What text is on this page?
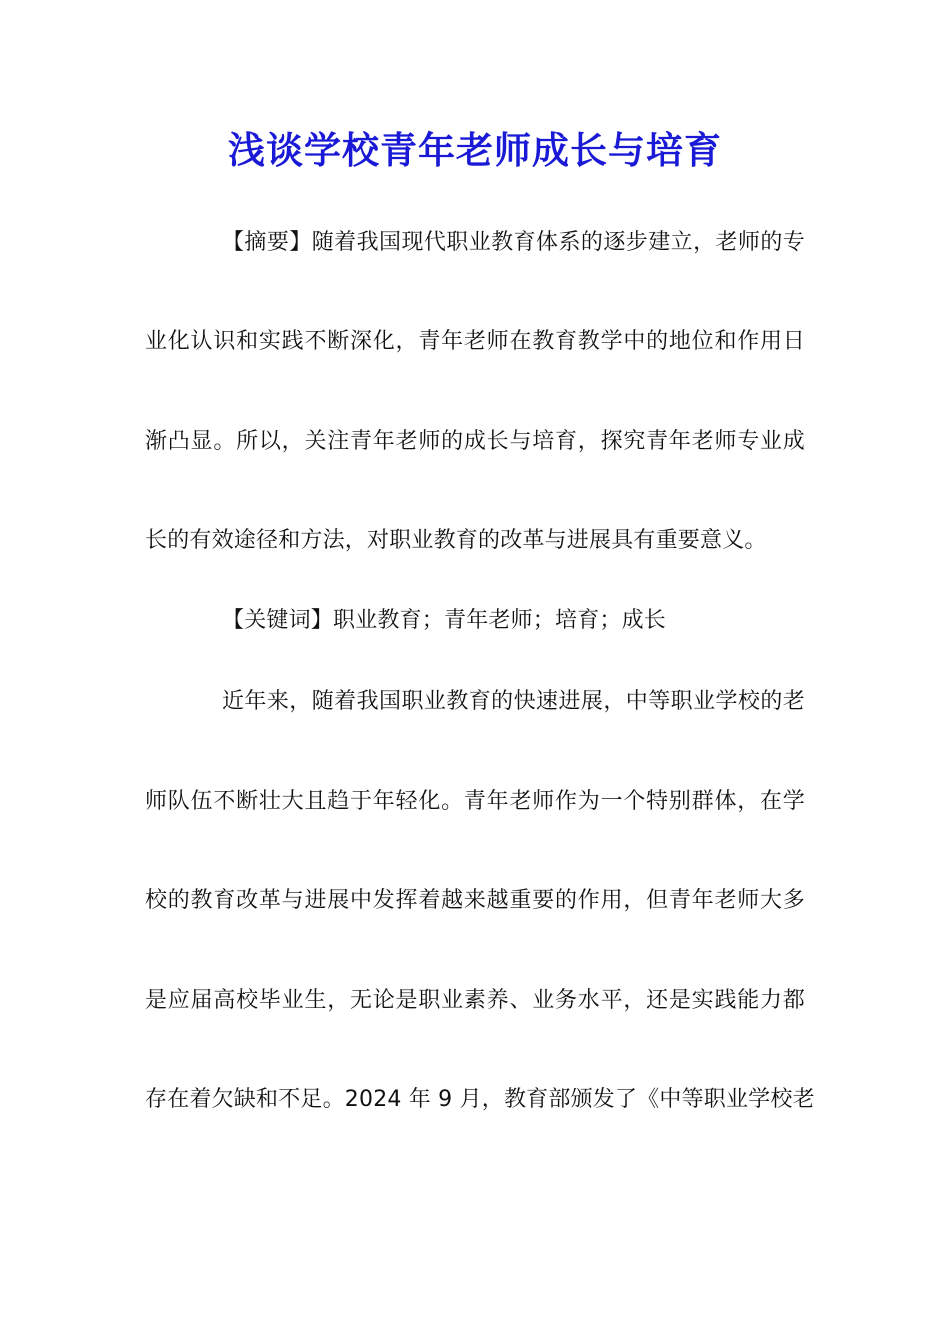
浅谈学校青年老师成长与培育
【摘要】随着我国现代职业教育体系的逐步建立，老师的专
业化认识和实践不断深化，青年老师在教育教学中的地位和作用日
渐凸显。所以，关注青年老师的成长与培育，探究青年老师专业成
长的有效途径和方法，对职业教育的改革与进展具有重要意义。
【关键词】职业教育；青年老师；培育；成长
近年来，随着我国职业教育的快速进展，中等职业学校的老
师队伍不断壮大且趋于年轻化。青年老师作为一个特别群体，在学
校的教育改革与进展中发挥着越来越重要的作用，但青年老师大多
是应届高校毕业生，无论是职业素养、业务水平，还是实践能力都
存在着欠缺和不足。2024 年 9 月，教育部颁发了《中等职业学校老
